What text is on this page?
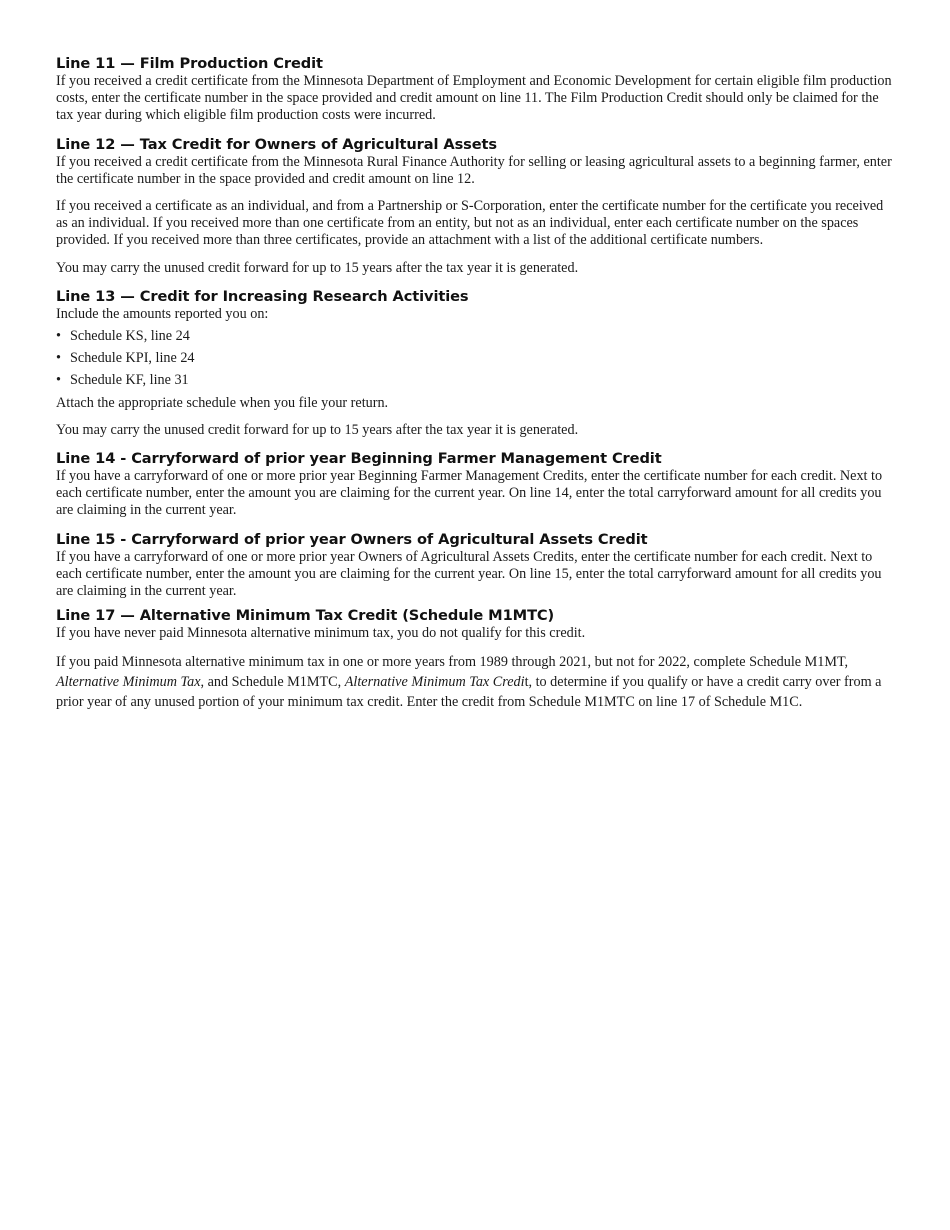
Line 11 — Film Production Credit

If you received a credit certificate from the Minnesota Department of Employment and Economic Development for certain eligible film production costs, enter the certificate number in the space provided and credit amount on line 11. The Film Production Credit should only be claimed for the tax year during which eligible film production costs were incurred.

Line 12 — Tax Credit for Owners of Agricultural Assets

If you received a credit certificate from the Minnesota Rural Finance Authority for selling or leasing agricultural assets to a beginning farmer, enter the certificate number in the space provided and credit amount on line 12.

If you received a certificate as an individual, and from a Partnership or S-Corporation, enter the certificate number for the certificate you received as an individual. If you received more than one certificate from an entity, but not as an individual, enter each certificate number on the spaces provided. If you received more than three certificates, provide an attachment with a list of the additional certificate numbers.

You may carry the unused credit forward for up to 15 years after the tax year it is generated.

Line 13 — Credit for Increasing Research Activities

Include the amounts reported you on:

• Schedule KS, line 24
• Schedule KPI, line 24
• Schedule KF, line 31

Attach the appropriate schedule when you file your return.

You may carry the unused credit forward for up to 15 years after the tax year it is generated.

Line 14 - Carryforward of prior year Beginning Farmer Management Credit

If you have a carryforward of one or more prior year Beginning Farmer Management Credits, enter the certificate number for each credit. Next to each certificate number, enter the amount you are claiming for the current year. On line 14, enter the total carryforward amount for all credits you are claiming in the current year.

Line 15 - Carryforward of prior year Owners of Agricultural Assets Credit

If you have a carryforward of one or more prior year Owners of Agricultural Assets Credits, enter the certificate number for each credit. Next to each certificate number, enter the amount you are claiming for the current year. On line 15, enter the total carryforward amount for all credits you are claiming in the current year.

Line 17 — Alternative Minimum Tax Credit (Schedule M1MTC)

If you have never paid Minnesota alternative minimum tax, you do not qualify for this credit.

If you paid Minnesota alternative minimum tax in one or more years from 1989 through 2021, but not for 2022, complete Schedule M1MT, Alternative Minimum Tax, and Schedule M1MTC, Alternative Minimum Tax Credit, to determine if you qualify or have a credit carry over from a prior year of any unused portion of your minimum tax credit. Enter the credit from Schedule M1MTC on line 17 of Schedule M1C.
